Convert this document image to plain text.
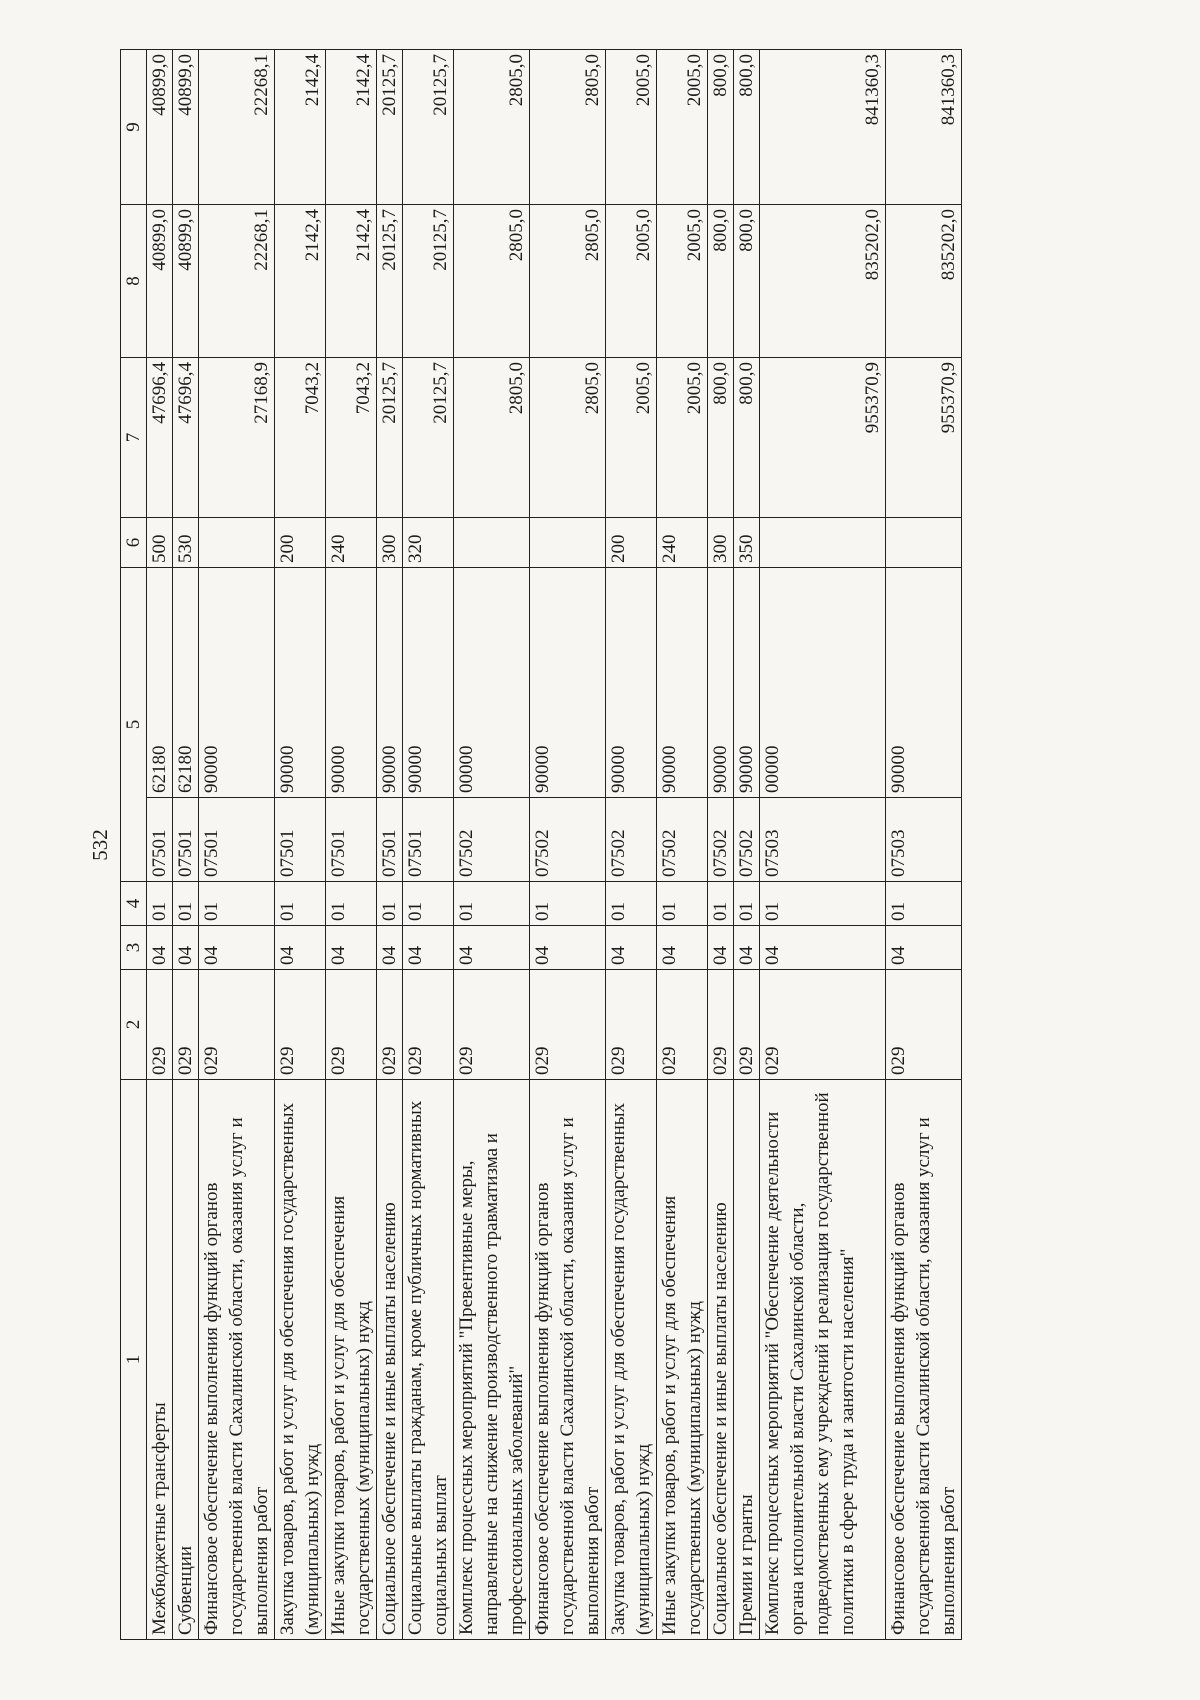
532
1	2	3	4	5		6	7	8	9
Межбюджетные трансферты	029	04	01	07501	62180	500	47696,4	40899,0	40899,0
Субвенции	029	04	01	07501	62180	530	47696,4	40899,0	40899,0
Финансовое обеспечение выполнения функций органов государственной власти Сахалинской области, оказания услуг и выполнения работ	029	04	01	07501	90000		27168,9	22268,1	22268,1
Закупка товаров, работ и услуг для обеспечения государственных (муниципальных) нужд	029	04	01	07501	90000	200	7043,2	2142,4	2142,4
Иные закупки товаров, работ и услуг для обеспечения государственных (муниципальных) нужд	029	04	01	07501	90000	240	7043,2	2142,4	2142,4
Социальное обеспечение и иные выплаты населению	029	04	01	07501	90000	300	20125,7	20125,7	20125,7
Социальные выплаты гражданам, кроме публичных нормативных социальных выплат	029	04	01	07501	90000	320	20125,7	20125,7	20125,7
Комплекс процессных мероприятий "Превентивные меры, направленные на снижение производственного травматизма и профессиональных заболеваний"	029	04	01	07502	00000		2805,0	2805,0	2805,0
Финансовое обеспечение выполнения функций органов государственной власти Сахалинской области, оказания услуг и выполнения работ	029	04	01	07502	90000		2805,0	2805,0	2805,0
Закупка товаров, работ и услуг для обеспечения государственных (муниципальных) нужд	029	04	01	07502	90000	200	2005,0	2005,0	2005,0
Иные закупки товаров, работ и услуг для обеспечения государственных (муниципальных) нужд	029	04	01	07502	90000	240	2005,0	2005,0	2005,0
Социальное обеспечение и иные выплаты населению	029	04	01	07502	90000	300	800,0	800,0	800,0
Премии и гранты	029	04	01	07502	90000	350	800,0	800,0	800,0
Комплекс процессных мероприятий "Обеспечение деятельности органа исполнительной власти Сахалинской области, подведомственных ему учреждений и реализация государственной политики в сфере труда и занятости населения"	029	04	01	07503	00000		955370,9	835202,0	841360,3
Финансовое обеспечение выполнения функций органов государственной власти Сахалинской области, оказания услуг и выполнения работ	029	04	01	07503	90000		955370,9	835202,0	841360,3
